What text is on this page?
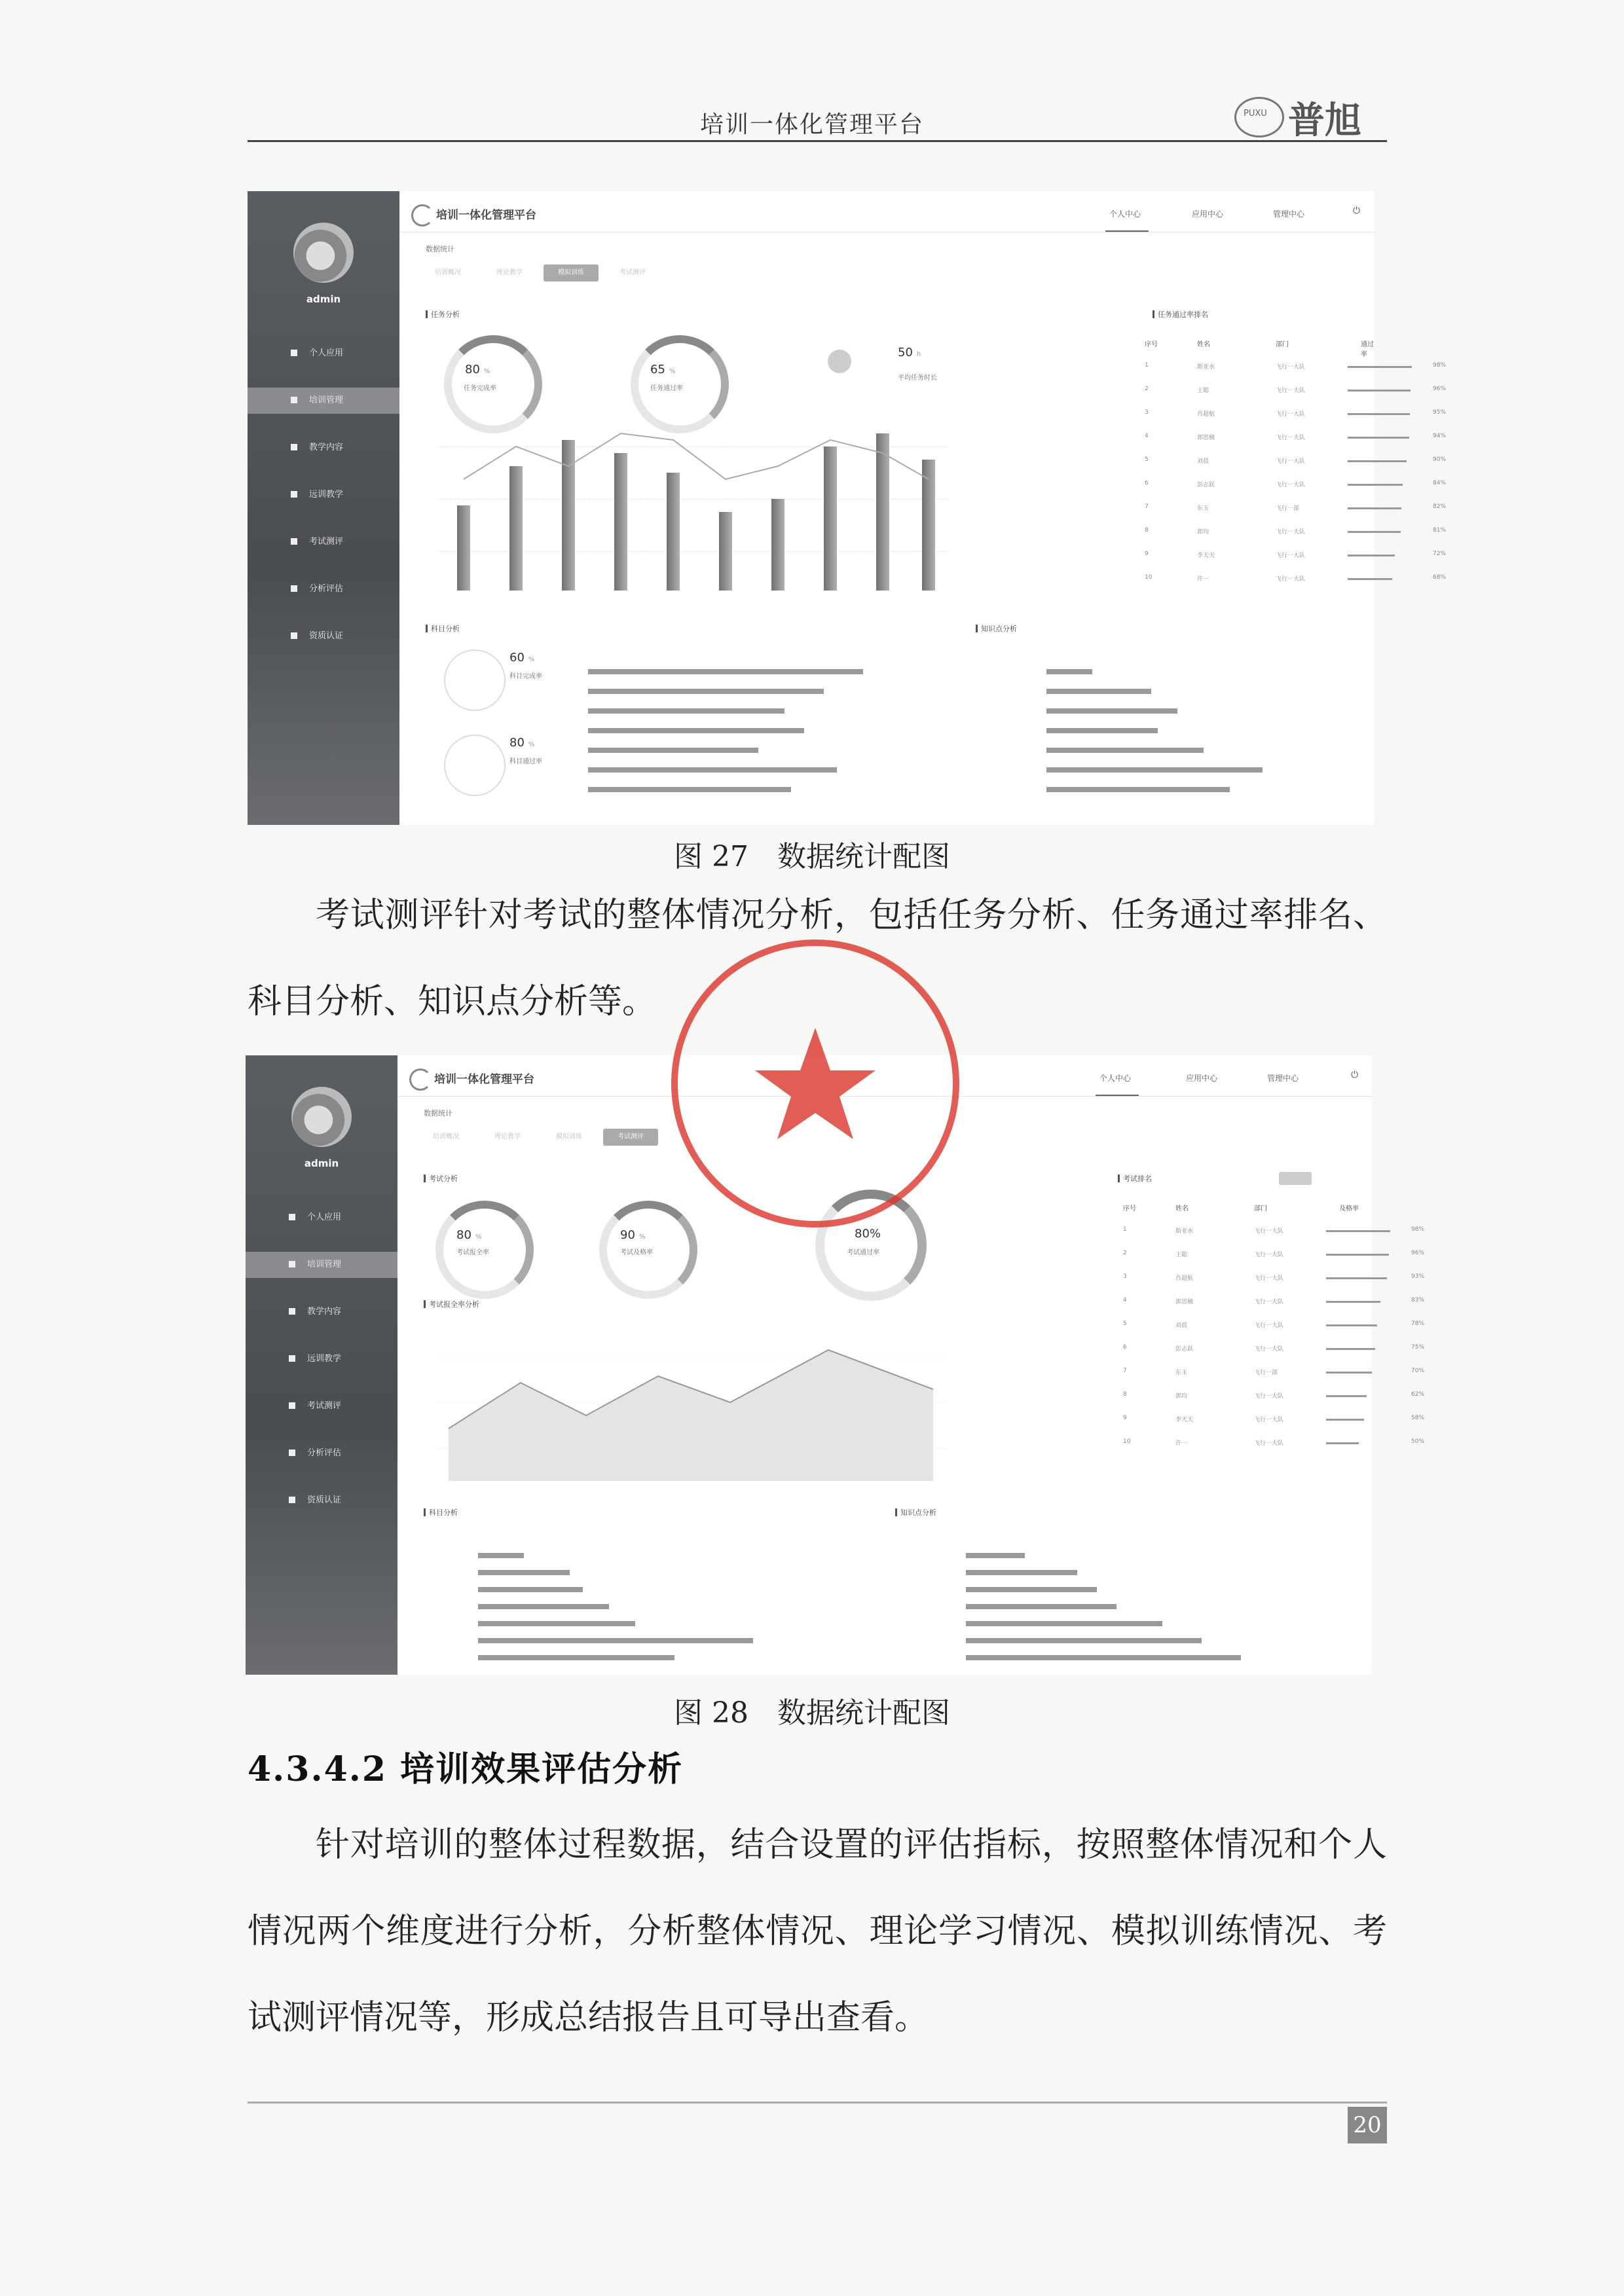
培训一体化管理平台	PUXU 普旭
admin
个人应用
培训管理
教学内容
远训教学
考试测评
分析评估
资质认证
培训一体化管理平台	个人中心	应用中心	管理中心	⏻
数据统计
培训概况	理论教学	模拟训练	考试测评
任务分析
80 %
任务完成率
65 %
任务通过率
50 h
平均任务时长
任务通过率排名
科目分析
60 %
科目完成率
80 %
科目通过率
知识点分析
序号	姓名	部门	通过率
1	斯亚水	飞行一大队	98%
2	王聪	飞行一大队	96%
3	肖超航	飞行一大队	95%
4	郭思楠	飞行一大队	94%
5	刘晨	飞行一大队	90%
6	彭志跃	飞行一大队	84%
7	东玉	飞行一部	82%
8	郭均	飞行一大队	81%
9	李天天	飞行一大队	72%
10	许一	飞行一大队	68%
图 27　数据统计配图
考试测评针对考试的整体情况分析，包括任务分析、任务通过率排名、科目分析、知识点分析等。
admin
个人应用
培训管理
教学内容
远训教学
考试测评
分析评估
资质认证
培训一体化管理平台	个人中心	应用中心	管理中心	⏻
数据统计
培训概况	理论教学	模拟训练	考试测评
考试分析
80 %
考试报全率
90 %
考试及格率
80%
考试通过率
考试报全率分析
考试排名
科目分析	知识点分析
序号	姓名	部门	及格率
1	斯亚水	飞行一大队	98%
2	王聪	飞行一大队	96%
3	肖超航	飞行一大队	93%
4	郭思楠	飞行一大队	83%
5	刘晨	飞行一大队	78%
6	彭志跃	飞行一大队	75%
7	东玉	飞行一部	70%
8	郭均	飞行一大队	62%
9	李天天	飞行一大队	58%
10	许一	飞行一大队	50%
图 28　数据统计配图
4.3.4.2 培训效果评估分析
针对培训的整体过程数据，结合设置的评估指标，按照整体情况和个人情况两个维度进行分析，分析整体情况、理论学习情况、模拟训练情况、考试测评情况等，形成总结报告且可导出查看。
20
